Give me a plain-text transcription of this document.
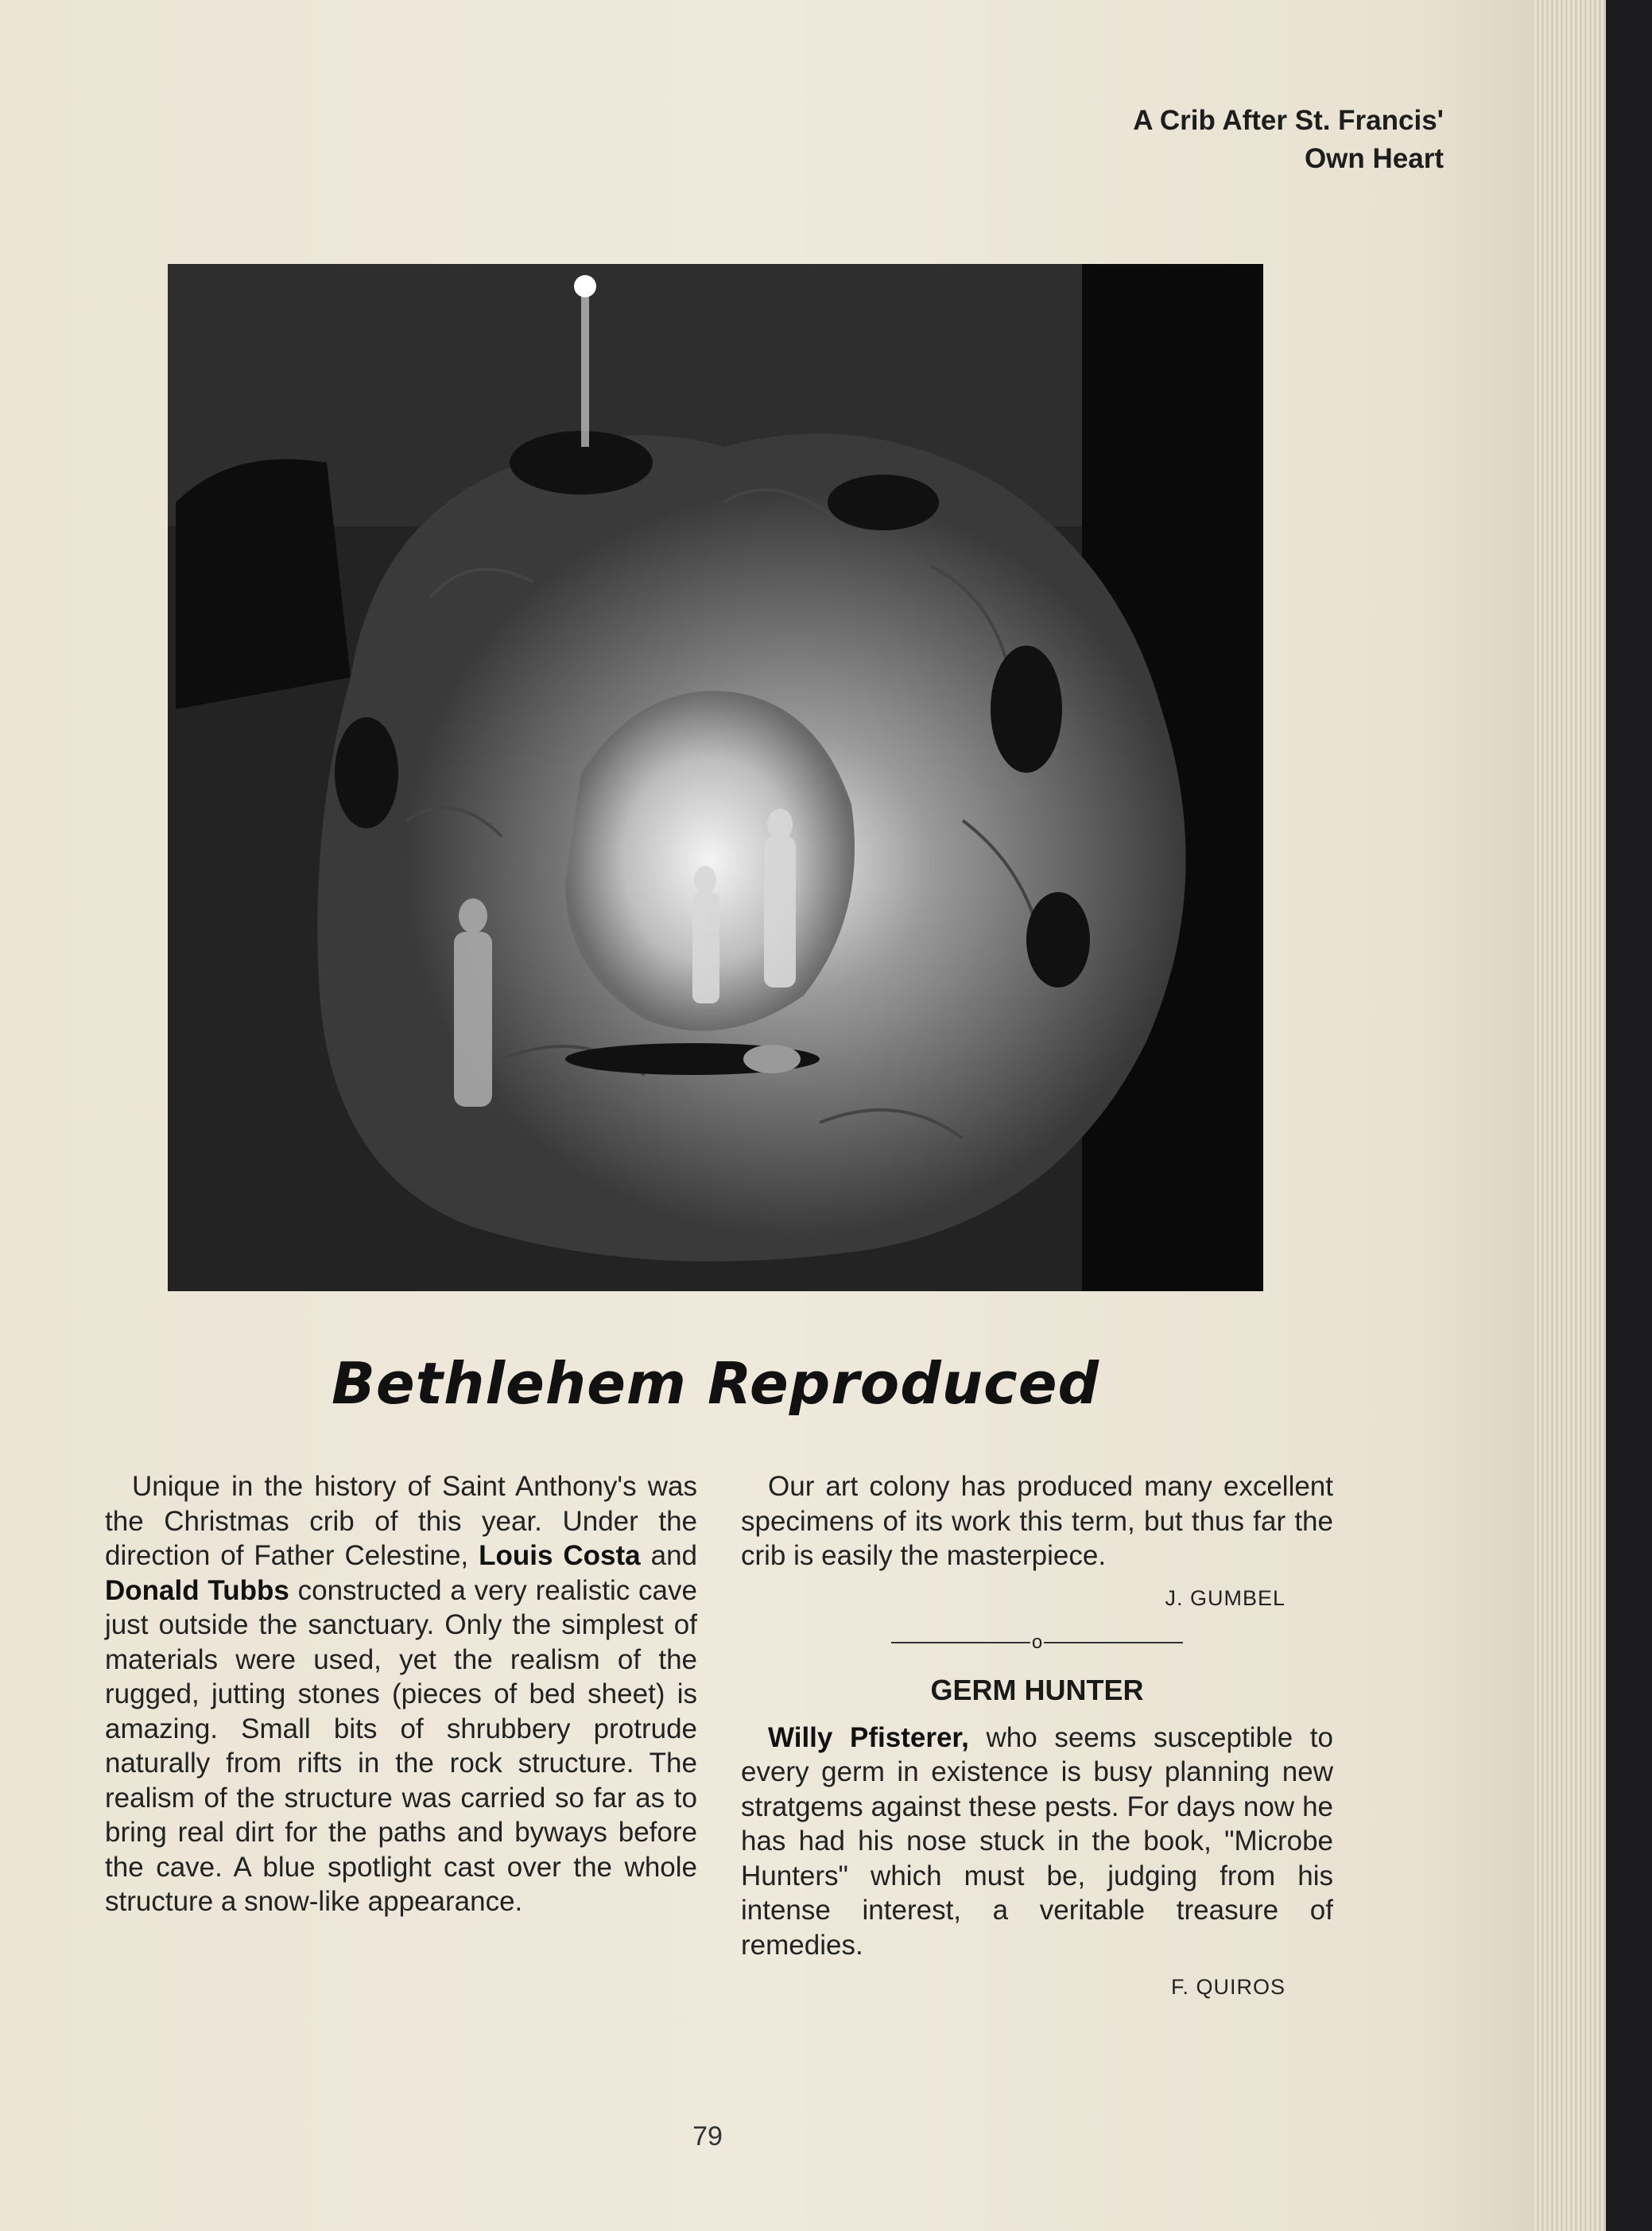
A Crib After St. Francis'
Own Heart
Bethlehem Reproduced

Unique in the history of Saint Anthony's was the Christmas crib of this year. Under the direction of Father Celestine, Louis Costa and Donald Tubbs constructed a very realistic cave just outside the sanctuary. Only the simplest of materials were used, yet the realism of the rugged, jutting stones (pieces of bed sheet) is amazing. Small bits of shrubbery protrude naturally from rifts in the rock structure. The realism of the structure was carried so far as to bring real dirt for the paths and byways before the cave. A blue spotlight cast over the whole structure a snow-like appearance.

Our art colony has produced many excellent specimens of its work this term, but thus far the crib is easily the masterpiece.

J. GUMBEL
o
GERM HUNTER

Willy Pfisterer, who seems susceptible to every germ in existence is busy planning new stratgems against these pests. For days now he has had his nose stuck in the book, "Microbe Hunters" which must be, judging from his intense interest, a veritable treasure of remedies.

F. QUIROS
79
